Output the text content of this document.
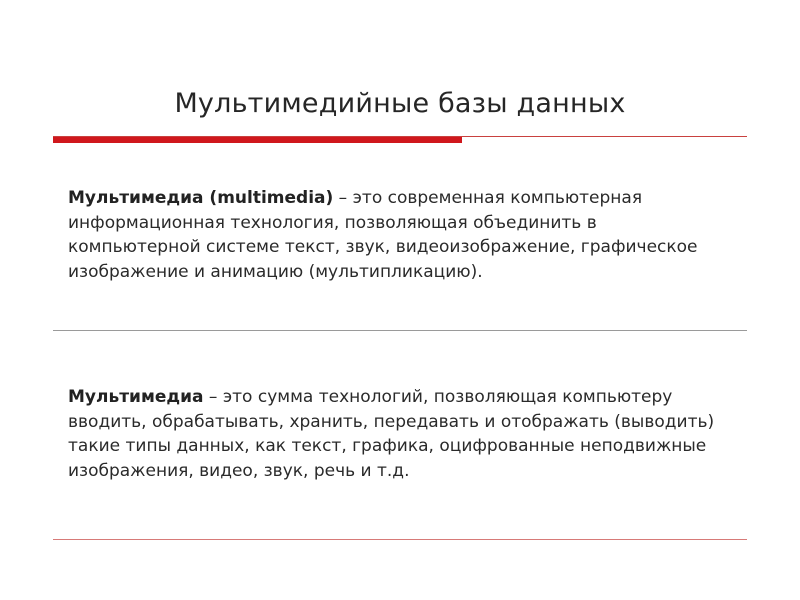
Мультимедийные базы данных
Мультимедиа (multimedia) – это современная компьютерная информационная технология, позволяющая объединить в компьютерной системе текст, звук, видеоизображение, графическое изображение и анимацию (мультипликацию).
Мультимедиа – это сумма технологий, позволяющая компьютеру вводить, обрабатывать, хранить, передавать и отображать (выводить) такие типы данных, как текст, графика, оцифрованные неподвижные изображения, видео, звук, речь и т.д.
